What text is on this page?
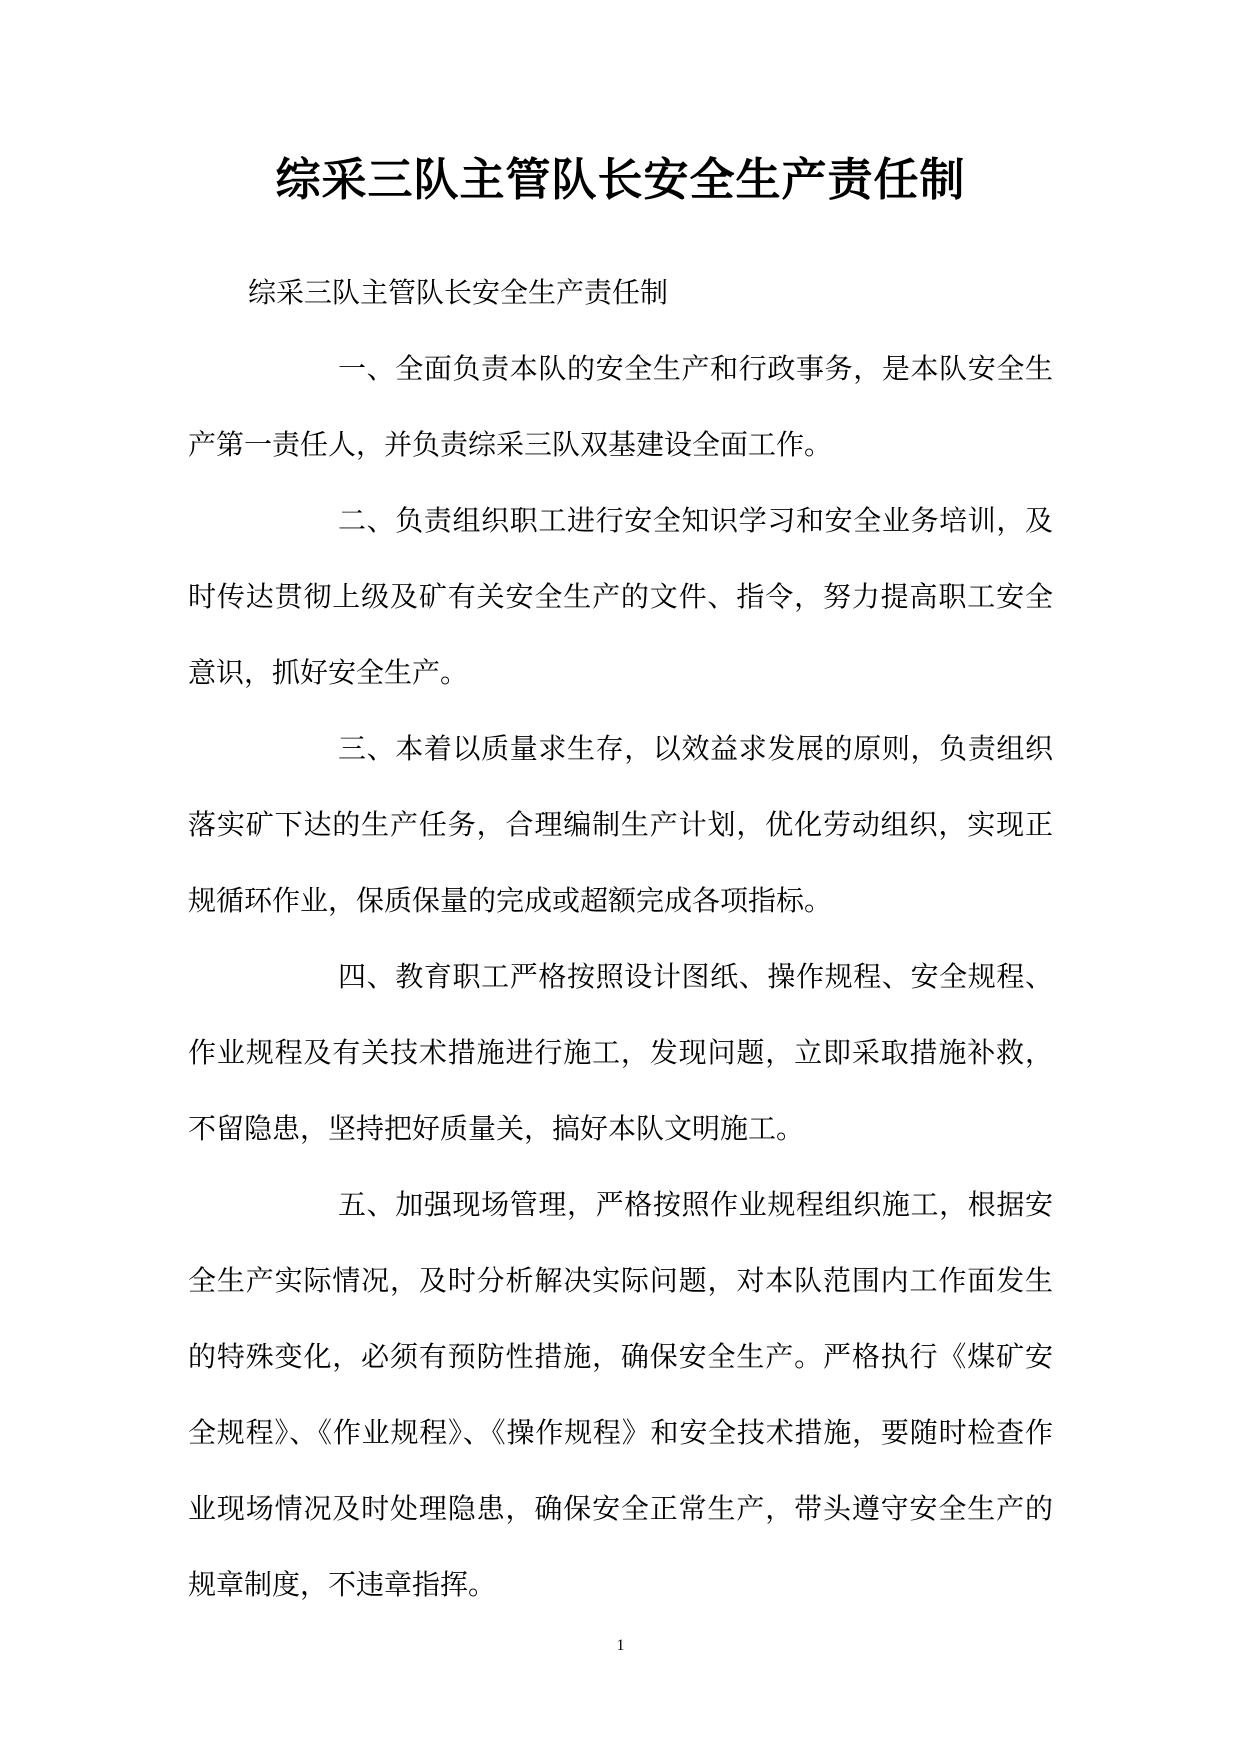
综采三队主管队长安全生产责任制

综采三队主管队长安全生产责任制

一、全面负责本队的安全生产和行政事务，是本队安全生产第一责任人，并负责综采三队双基建设全面工作。

二、负责组织职工进行安全知识学习和安全业务培训，及时传达贯彻上级及矿有关安全生产的文件、指令，努力提高职工安全意识，抓好安全生产。

三、本着以质量求生存，以效益求发展的原则，负责组织落实矿下达的生产任务，合理编制生产计划，优化劳动组织，实现正规循环作业，保质保量的完成或超额完成各项指标。

四、教育职工严格按照设计图纸、操作规程、安全规程、作业规程及有关技术措施进行施工，发现问题，立即采取措施补救，不留隐患，坚持把好质量关，搞好本队文明施工。

五、加强现场管理，严格按照作业规程组织施工，根据安全生产实际情况，及时分析解决实际问题，对本队范围内工作面发生的特殊变化，必须有预防性措施，确保安全生产。严格执行《煤矿安全规程》、《作业规程》、《操作规程》和安全技术措施，要随时检查作业现场情况及时处理隐患，确保安全正常生产，带头遵守安全生产的规章制度，不违章指挥。

1
